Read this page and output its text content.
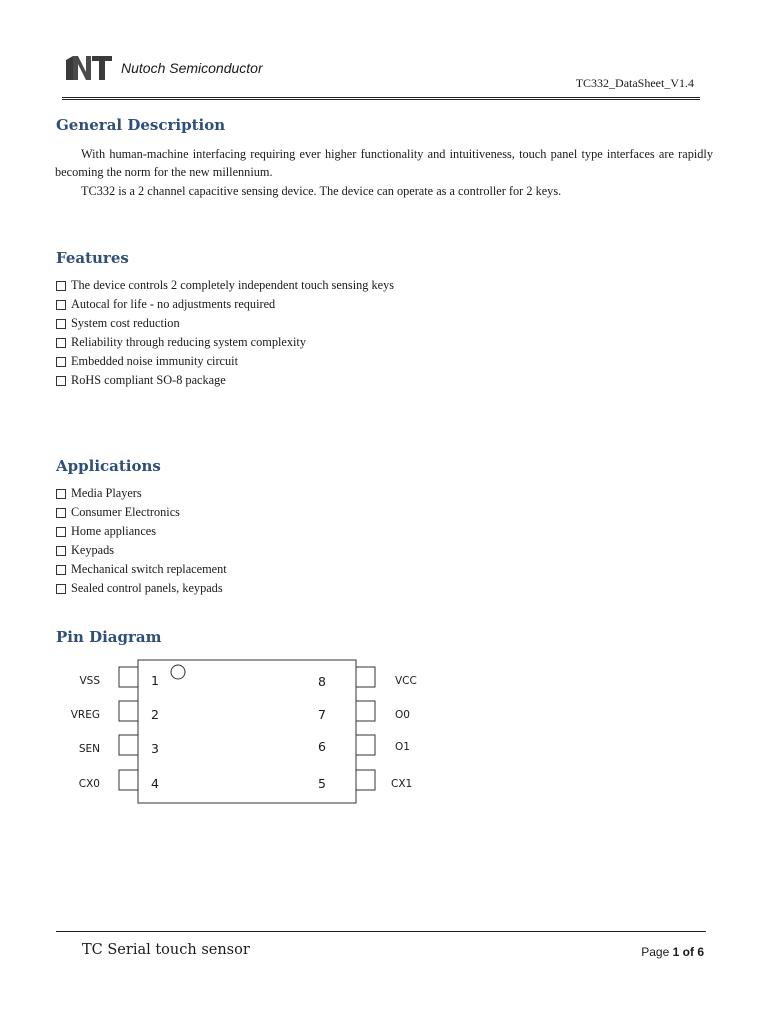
Nutoch Semiconductor
TC332_DataSheet_V1.4
General Description

With human-machine interfacing requiring ever higher functionality and intuitiveness, touch panel type interfaces are rapidly becoming the norm for the new millennium.

TC332 is a 2 channel capacitive sensing device. The device can operate as a controller for 2 keys.

Features
The device controls 2 completely independent touch sensing keys
Autocal for life - no adjustments required
System cost reduction
Reliability through reducing system complexity
Embedded noise immunity circuit
RoHS compliant SO-8 package
Applications
Media Players
Consumer Electronics
Home appliances
Keypads
Mechanical switch replacement
Sealed control panels, keypads
Pin Diagram
VSS
VREG
SEN
CX0
1
2
3
4
8
7
6
5
VCC
O0
O1
CX1
TC Serial touch sensor	Page 1 of 6
